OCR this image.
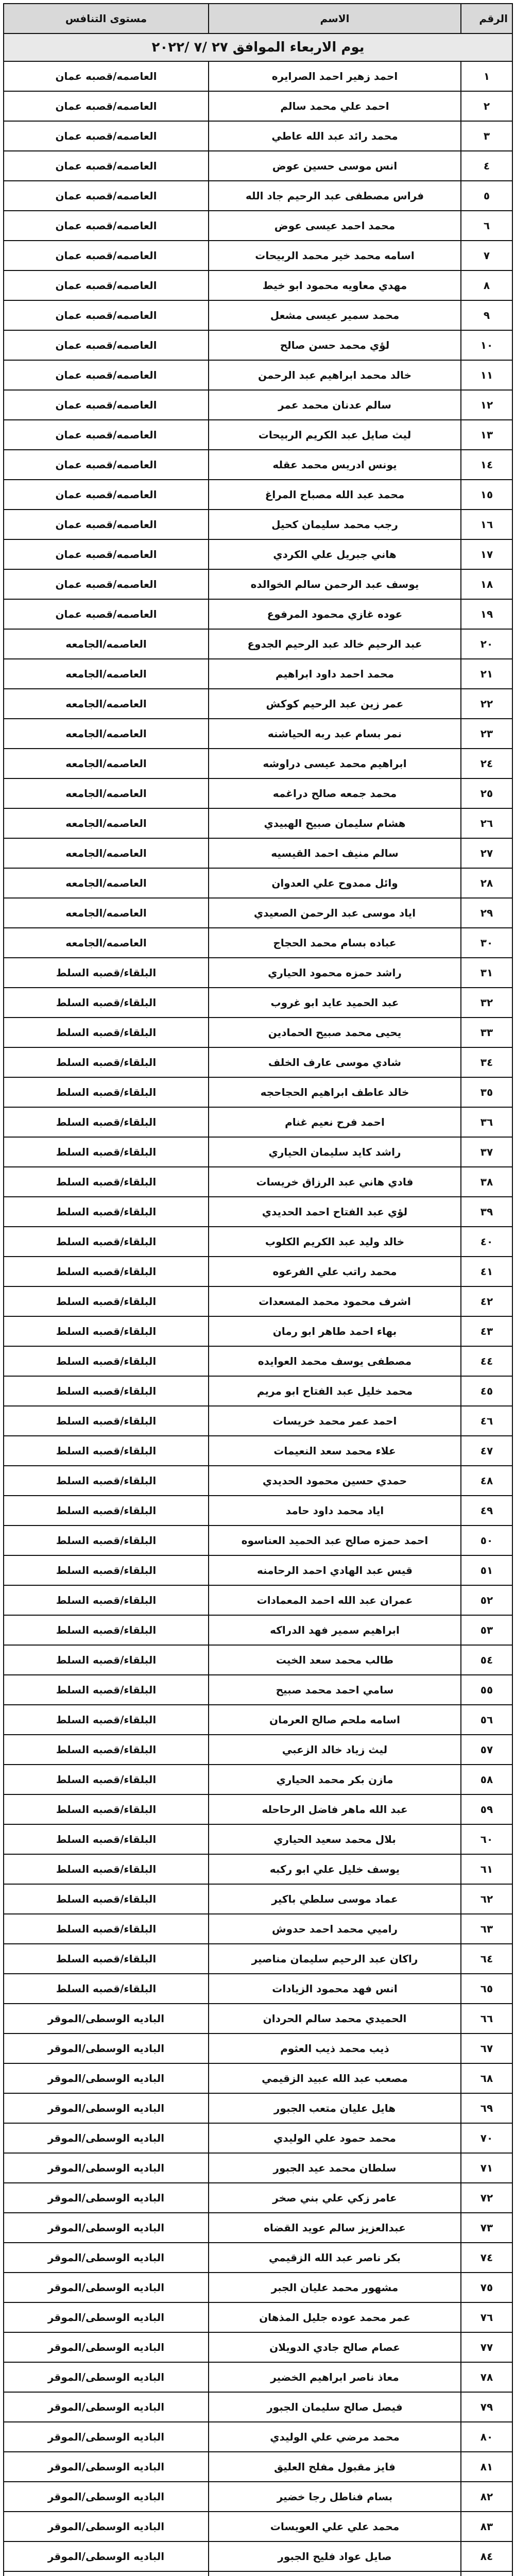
الرقم	الاسم	مستوى التنافس
يوم الاربعاء الموافق ٢٧ /٧ /٢٠٢٢		
١	احمد زهير احمد الصرايره	العاصمه/قصبه عمان
٢	احمد علي محمد سالم	العاصمه/قصبه عمان
٣	محمد رائد عبد الله عاطي	العاصمه/قصبه عمان
٤	انس موسى حسين عوض	العاصمه/قصبه عمان
٥	فراس مصطفى عبد الرحيم جاد الله	العاصمه/قصبه عمان
٦	محمد احمد عيسى عوض	العاصمه/قصبه عمان
٧	اسامه محمد خير محمد الربيحات	العاصمه/قصبه عمان
٨	مهدي معاويه محمود ابو خيط	العاصمه/قصبه عمان
٩	محمد سمير عيسى مشعل	العاصمه/قصبه عمان
١٠	لؤي محمد حسن صالح	العاصمه/قصبه عمان
١١	خالد محمد ابراهيم عبد الرحمن	العاصمه/قصبه عمان
١٢	سالم عدنان محمد عمر	العاصمه/قصبه عمان
١٣	ليث صايل عبد الكريم الربيحات	العاصمه/قصبه عمان
١٤	يونس ادريس محمد عقله	العاصمه/قصبه عمان
١٥	محمد عبد الله مصباح المراغ	العاصمه/قصبه عمان
١٦	رجب محمد سليمان كحيل	العاصمه/قصبه عمان
١٧	هاني جبريل علي الكردي	العاصمه/قصبه عمان
١٨	يوسف عبد الرحمن سالم الخوالده	العاصمه/قصبه عمان
١٩	عوده غازي محمود المرفوع	العاصمه/قصبه عمان
٢٠	عبد الرحيم خالد عبد الرحيم الجدوع	العاصمه/الجامعه
٢١	محمد احمد داود ابراهيم	العاصمه/الجامعه
٢٢	عمر زين عبد الرحيم كوكش	العاصمه/الجامعه
٢٣	نمر بسام عبد ربه الحياشنه	العاصمه/الجامعه
٢٤	ابراهيم محمد عيسى دراوشه	العاصمه/الجامعه
٢٥	محمد جمعه صالح دراغمه	العاصمه/الجامعه
٢٦	هشام سليمان صبيح الهبيدي	العاصمه/الجامعه
٢٧	سالم منيف احمد القيسيه	العاصمه/الجامعه
٢٨	وائل ممدوح علي العدوان	العاصمه/الجامعه
٢٩	اياد موسى عبد الرحمن الصعيدي	العاصمه/الجامعه
٣٠	عباده بسام محمد الحجاج	العاصمه/الجامعه
٣١	راشد حمزه محمود الحياري	البلقاء/قصبه السلط
٣٢	عبد الحميد عايد ابو غروب	البلقاء/قصبه السلط
٣٣	يحيى محمد صبيح الحمادين	البلقاء/قصبه السلط
٣٤	شادي موسى عارف الخلف	البلقاء/قصبه السلط
٣٥	خالد عاطف ابراهيم الحجاحجه	البلقاء/قصبه السلط
٣٦	احمد فرح نعيم غنام	البلقاء/قصبه السلط
٣٧	راشد كايد سليمان الحياري	البلقاء/قصبه السلط
٣٨	فادي هاني عبد الرزاق خريسات	البلقاء/قصبه السلط
٣٩	لؤي عبد الفتاح احمد الحديدي	البلقاء/قصبه السلط
٤٠	خالد وليد عبد الكريم الكلوب	البلقاء/قصبه السلط
٤١	محمد راتب علي الفرعوه	البلقاء/قصبه السلط
٤٢	اشرف محمود محمد المسعدات	البلقاء/قصبه السلط
٤٣	بهاء احمد طاهر ابو رمان	البلقاء/قصبه السلط
٤٤	مصطفى يوسف محمد العوايده	البلقاء/قصبه السلط
٤٥	محمد خليل عبد الفتاح ابو مريم	البلقاء/قصبه السلط
٤٦	احمد عمر محمد خريسات	البلقاء/قصبه السلط
٤٧	علاء محمد سعد النعيمات	البلقاء/قصبه السلط
٤٨	حمدي حسين محمود الحديدي	البلقاء/قصبه السلط
٤٩	اياد محمد داود حامد	البلقاء/قصبه السلط
٥٠	احمد حمزه صالح عبد الحميد العناسوه	البلقاء/قصبه السلط
٥١	قيس عبد الهادي احمد الرحامنه	البلقاء/قصبه السلط
٥٢	عمران عبد الله احمد المعمادات	البلقاء/قصبه السلط
٥٣	ابراهيم سمير فهد الدراكه	البلقاء/قصبه السلط
٥٤	طالب محمد سعد الخيت	البلقاء/قصبه السلط
٥٥	سامي احمد محمد صبيح	البلقاء/قصبه السلط
٥٦	اسامه ملحم صالح العرمان	البلقاء/قصبه السلط
٥٧	ليث زياد خالد الزعبي	البلقاء/قصبه السلط
٥٨	مازن بكر محمد الحياري	البلقاء/قصبه السلط
٥٩	عبد الله ماهر فاضل الرحاحله	البلقاء/قصبه السلط
٦٠	بلال محمد سعيد الحياري	البلقاء/قصبه السلط
٦١	يوسف خليل علي ابو ركبه	البلقاء/قصبه السلط
٦٢	عماد موسى سلطي باكير	البلقاء/قصبه السلط
٦٣	راميي محمد احمد حدوش	البلقاء/قصبه السلط
٦٤	راكان عبد الرحيم سليمان مناصير	البلقاء/قصبه السلط
٦٥	انس فهد محمود الزيادات	البلقاء/قصبه السلط
٦٦	الحميدي محمد سالم الحردان	الباديه الوسطى/الموقر
٦٧	ذيب محمد ذيب العثوم	الباديه الوسطى/الموقر
٦٨	مصعب عبد الله عبيد الزقيمي	الباديه الوسطى/الموقر
٦٩	هايل عليان متعب الجبور	الباديه الوسطى/الموقر
٧٠	محمد حمود علي الوليدي	الباديه الوسطى/الموقر
٧١	سلطان محمد عيد الجبور	الباديه الوسطى/الموقر
٧٢	عامر زكي علي بني صخر	الباديه الوسطى/الموقر
٧٣	عبدالعزيز سالم عويد القضاه	الباديه الوسطى/الموقر
٧٤	بكر ناصر عبد الله الزقيمي	الباديه الوسطى/الموقر
٧٥	مشهور محمد عليان الجبر	الباديه الوسطى/الموقر
٧٦	عمر محمد عوده جليل المذهان	الباديه الوسطى/الموقر
٧٧	عصام صالح جادي الدويلان	الباديه الوسطى/الموقر
٧٨	معاذ ناصر ابراهيم الخضير	الباديه الوسطى/الموقر
٧٩	فيصل صالح سليمان الجبور	الباديه الوسطى/الموقر
٨٠	محمد مرضي علي الوليدي	الباديه الوسطى/الموقر
٨١	فايز مقبول مفلح العليق	الباديه الوسطى/الموقر
٨٢	بسام فناطل رجا خضير	الباديه الوسطى/الموقر
٨٣	محمد علي علي العويسات	الباديه الوسطى/الموقر
٨٤	صايل عواد فليح الجبور	الباديه الوسطى/الموقر
